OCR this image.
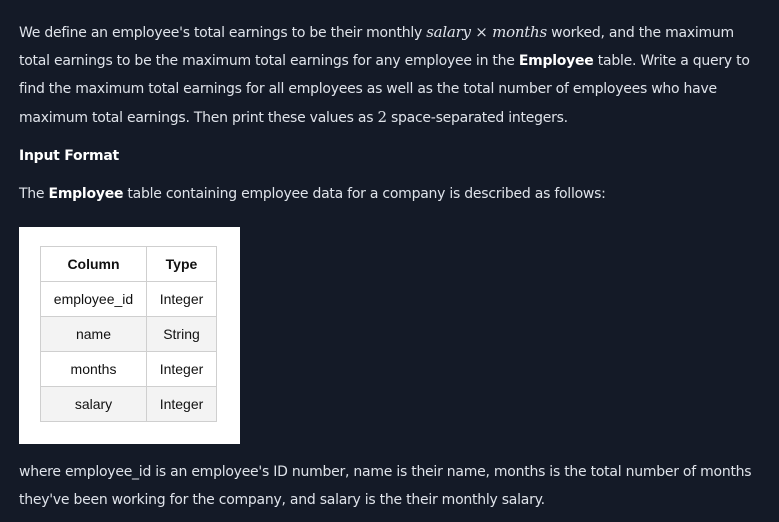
We define an employee's total earnings to be their monthly salary × months worked, and the maximum total earnings to be the maximum total earnings for any employee in the Employee table. Write a query to find the maximum total earnings for all employees as well as the total number of employees who have maximum total earnings. Then print these values as 2 space-separated integers.

Input Format

The Employee table containing employee data for a company is described as follows:

Column	Type
employee_id	Integer
name	String
months	Integer
salary	Integer

where employee_id is an employee's ID number, name is their name, months is the total number of months they've been working for the company, and salary is the their monthly salary.
